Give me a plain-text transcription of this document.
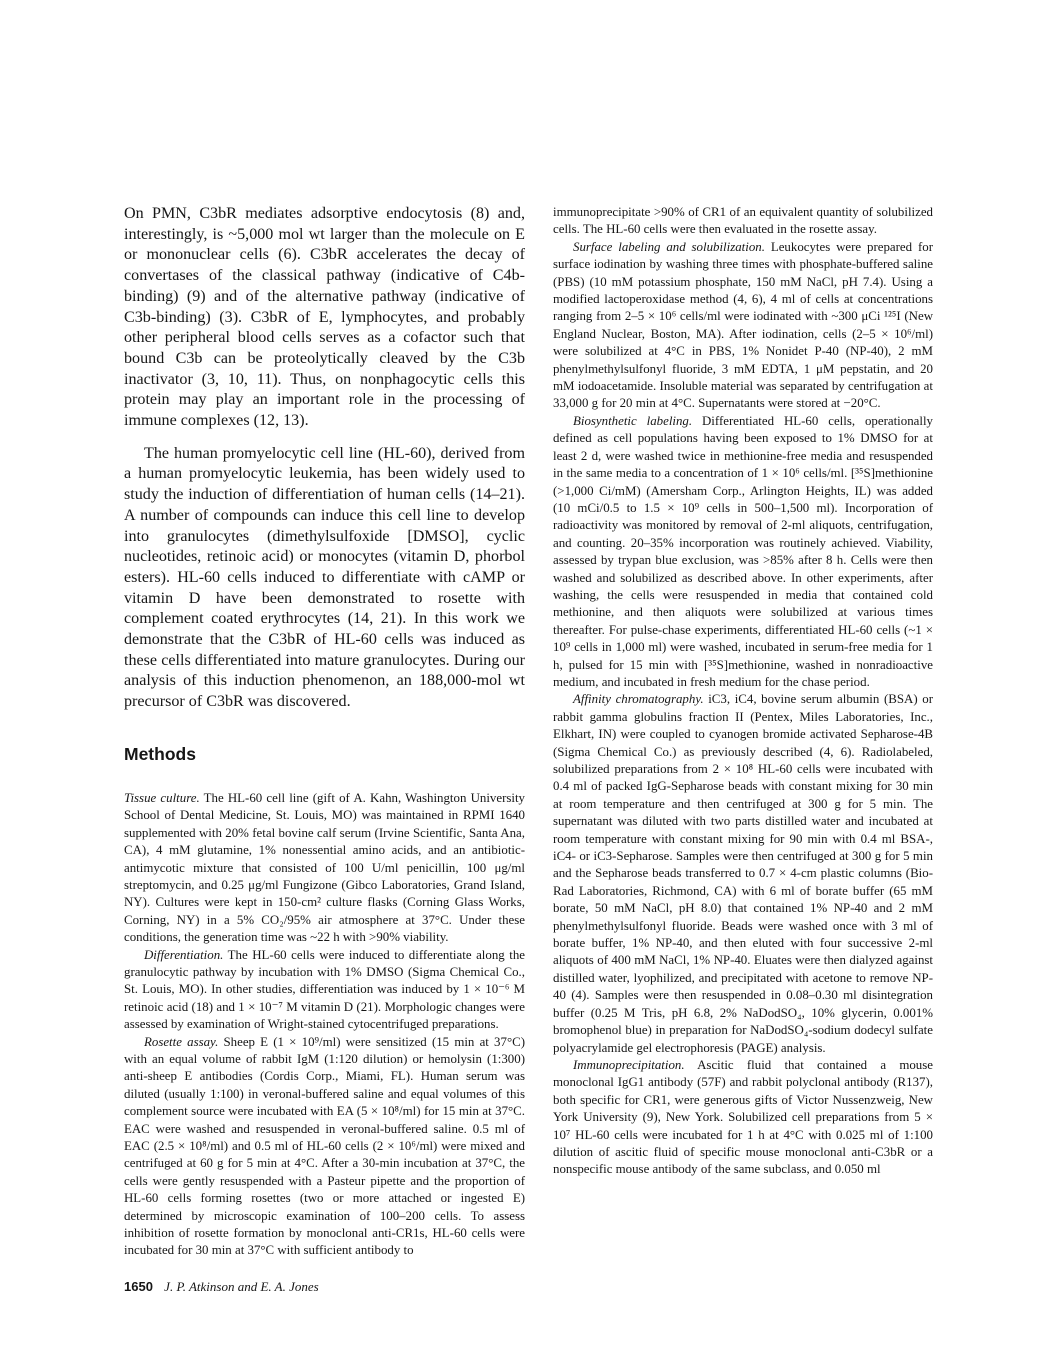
On PMN, C3bR mediates adsorptive endocytosis (8) and, interestingly, is ~5,000 mol wt larger than the molecule on E or mononuclear cells (6). C3bR accelerates the decay of convertases of the classical pathway (indicative of C4b-binding) (9) and of the alternative pathway (indicative of C3b-binding) (3). C3bR of E, lymphocytes, and probably other peripheral blood cells serves as a cofactor such that bound C3b can be proteolytically cleaved by the C3b inactivator (3, 10, 11). Thus, on nonphagocytic cells this protein may play an important role in the processing of immune complexes (12, 13).

The human promyelocytic cell line (HL-60), derived from a human promyelocytic leukemia, has been widely used to study the induction of differentiation of human cells (14–21). A number of compounds can induce this cell line to develop into granulocytes (dimethylsulfoxide [DMSO], cyclic nucleotides, retinoic acid) or monocytes (vitamin D, phorbol esters). HL-60 cells induced to differentiate with cAMP or vitamin D have been demonstrated to rosette with complement coated erythrocytes (14, 21). In this work we demonstrate that the C3bR of HL-60 cells was induced as these cells differentiated into mature granulocytes. During our analysis of this induction phenomenon, an 188,000-mol wt precursor of C3bR was discovered.

Methods

Tissue culture. The HL-60 cell line (gift of A. Kahn, Washington University School of Dental Medicine, St. Louis, MO) was maintained in RPMI 1640 supplemented with 20% fetal bovine calf serum (Irvine Scientific, Santa Ana, CA), 4 mM glutamine, 1% nonessential amino acids, and an antibiotic-antimycotic mixture that consisted of 100 U/ml penicillin, 100 μg/ml streptomycin, and 0.25 μg/ml Fungizone (Gibco Laboratories, Grand Island, NY). Cultures were kept in 150-cm² culture flasks (Corning Glass Works, Corning, NY) in a 5% CO₂/95% air atmosphere at 37°C. Under these conditions, the generation time was ~22 h with >90% viability.

Differentiation. The HL-60 cells were induced to differentiate along the granulocytic pathway by incubation with 1% DMSO (Sigma Chemical Co., St. Louis, MO). In other studies, differentiation was induced by 1 × 10⁻⁶ M retinoic acid (18) and 1 × 10⁻⁷ M vitamin D (21). Morphologic changes were assessed by examination of Wright-stained cytocentrifuged preparations.

Rosette assay. Sheep E (1 × 10⁹/ml) were sensitized (15 min at 37°C) with an equal volume of rabbit IgM (1:120 dilution) or hemolysin (1:300) anti-sheep E antibodies (Cordis Corp., Miami, FL). Human serum was diluted (usually 1:100) in veronal-buffered saline and equal volumes of this complement source were incubated with EA (5 × 10⁸/ml) for 15 min at 37°C. EAC were washed and resuspended in veronal-buffered saline. 0.5 ml of EAC (2.5 × 10⁸/ml) and 0.5 ml of HL-60 cells (2 × 10⁶/ml) were mixed and centrifuged at 60 g for 5 min at 4°C. After a 30-min incubation at 37°C, the cells were gently resuspended with a Pasteur pipette and the proportion of HL-60 cells forming rosettes (two or more attached or ingested E) determined by microscopic examination of 100–200 cells. To assess inhibition of rosette formation by monoclonal anti-CR1s, HL-60 cells were incubated for 30 min at 37°C with sufficient antibody to

immunoprecipitate >90% of CR1 of an equivalent quantity of solubilized cells. The HL-60 cells were then evaluated in the rosette assay.

Surface labeling and solubilization. Leukocytes were prepared for surface iodination by washing three times with phosphate-buffered saline (PBS) (10 mM potassium phosphate, 150 mM NaCl, pH 7.4). Using a modified lactoperoxidase method (4, 6), 4 ml of cells at concentrations ranging from 2–5 × 10⁶ cells/ml were iodinated with ~300 μCi ¹²⁵I (New England Nuclear, Boston, MA). After iodination, cells (2–5 × 10⁶/ml) were solubilized at 4°C in PBS, 1% Nonidet P-40 (NP-40), 2 mM phenylmethylsulfonyl fluoride, 3 mM EDTA, 1 μM pepstatin, and 20 mM iodoacetamide. Insoluble material was separated by centrifugation at 33,000 g for 20 min at 4°C. Supernatants were stored at −20°C.

Biosynthetic labeling. Differentiated HL-60 cells, operationally defined as cell populations having been exposed to 1% DMSO for at least 2 d, were washed twice in methionine-free media and resuspended in the same media to a concentration of 1 × 10⁶ cells/ml. [³⁵S]methionine (>1,000 Ci/mM) (Amersham Corp., Arlington Heights, IL) was added (10 mCi/0.5 to 1.5 × 10⁹ cells in 500–1,500 ml). Incorporation of radioactivity was monitored by removal of 2-ml aliquots, centrifugation, and counting. 20–35% incorporation was routinely achieved. Viability, assessed by trypan blue exclusion, was >85% after 8 h. Cells were then washed and solubilized as described above. In other experiments, after washing, the cells were resuspended in media that contained cold methionine, and then aliquots were solubilized at various times thereafter. For pulse-chase experiments, differentiated HL-60 cells (~1 × 10⁹ cells in 1,000 ml) were washed, incubated in serum-free media for 1 h, pulsed for 15 min with [³⁵S]methionine, washed in nonradioactive medium, and incubated in fresh medium for the chase period.

Affinity chromatography. iC3, iC4, bovine serum albumin (BSA) or rabbit gamma globulins fraction II (Pentex, Miles Laboratories, Inc., Elkhart, IN) were coupled to cyanogen bromide activated Sepharose-4B (Sigma Chemical Co.) as previously described (4, 6). Radiolabeled, solubilized preparations from 2 × 10⁸ HL-60 cells were incubated with 0.4 ml of packed IgG-Sepharose beads with constant mixing for 30 min at room temperature and then centrifuged at 300 g for 5 min. The supernatant was diluted with two parts distilled water and incubated at room temperature with constant mixing for 90 min with 0.4 ml BSA-, iC4- or iC3-Sepharose. Samples were then centrifuged at 300 g for 5 min and the Sepharose beads transferred to 0.7 × 4-cm plastic columns (Bio-Rad Laboratories, Richmond, CA) with 6 ml of borate buffer (65 mM borate, 50 mM NaCl, pH 8.0) that contained 1% NP-40 and 2 mM phenylmethylsulfonyl fluoride. Beads were washed once with 3 ml of borate buffer, 1% NP-40, and then eluted with four successive 2-ml aliquots of 400 mM NaCl, 1% NP-40. Eluates were then dialyzed against distilled water, lyophilized, and precipitated with acetone to remove NP-40 (4). Samples were then resuspended in 0.08–0.30 ml disintegration buffer (0.25 M Tris, pH 6.8, 2% NaDodSO₄, 10% glycerin, 0.001% bromophenol blue) in preparation for NaDodSO₄-sodium dodecyl sulfate polyacrylamide gel electrophoresis (PAGE) analysis.

Immunoprecipitation. Ascitic fluid that contained a mouse monoclonal IgG1 antibody (57F) and rabbit polyclonal antibody (R137), both specific for CR1, were generous gifts of Victor Nussenzweig, New York University (9), New York. Solubilized cell preparations from 5 × 10⁷ HL-60 cells were incubated for 1 h at 4°C with 0.025 ml of 1:100 dilution of ascitic fluid of specific mouse monoclonal anti-C3bR or a nonspecific mouse antibody of the same subclass, and 0.050 ml

1650 J. P. Atkinson and E. A. Jones
